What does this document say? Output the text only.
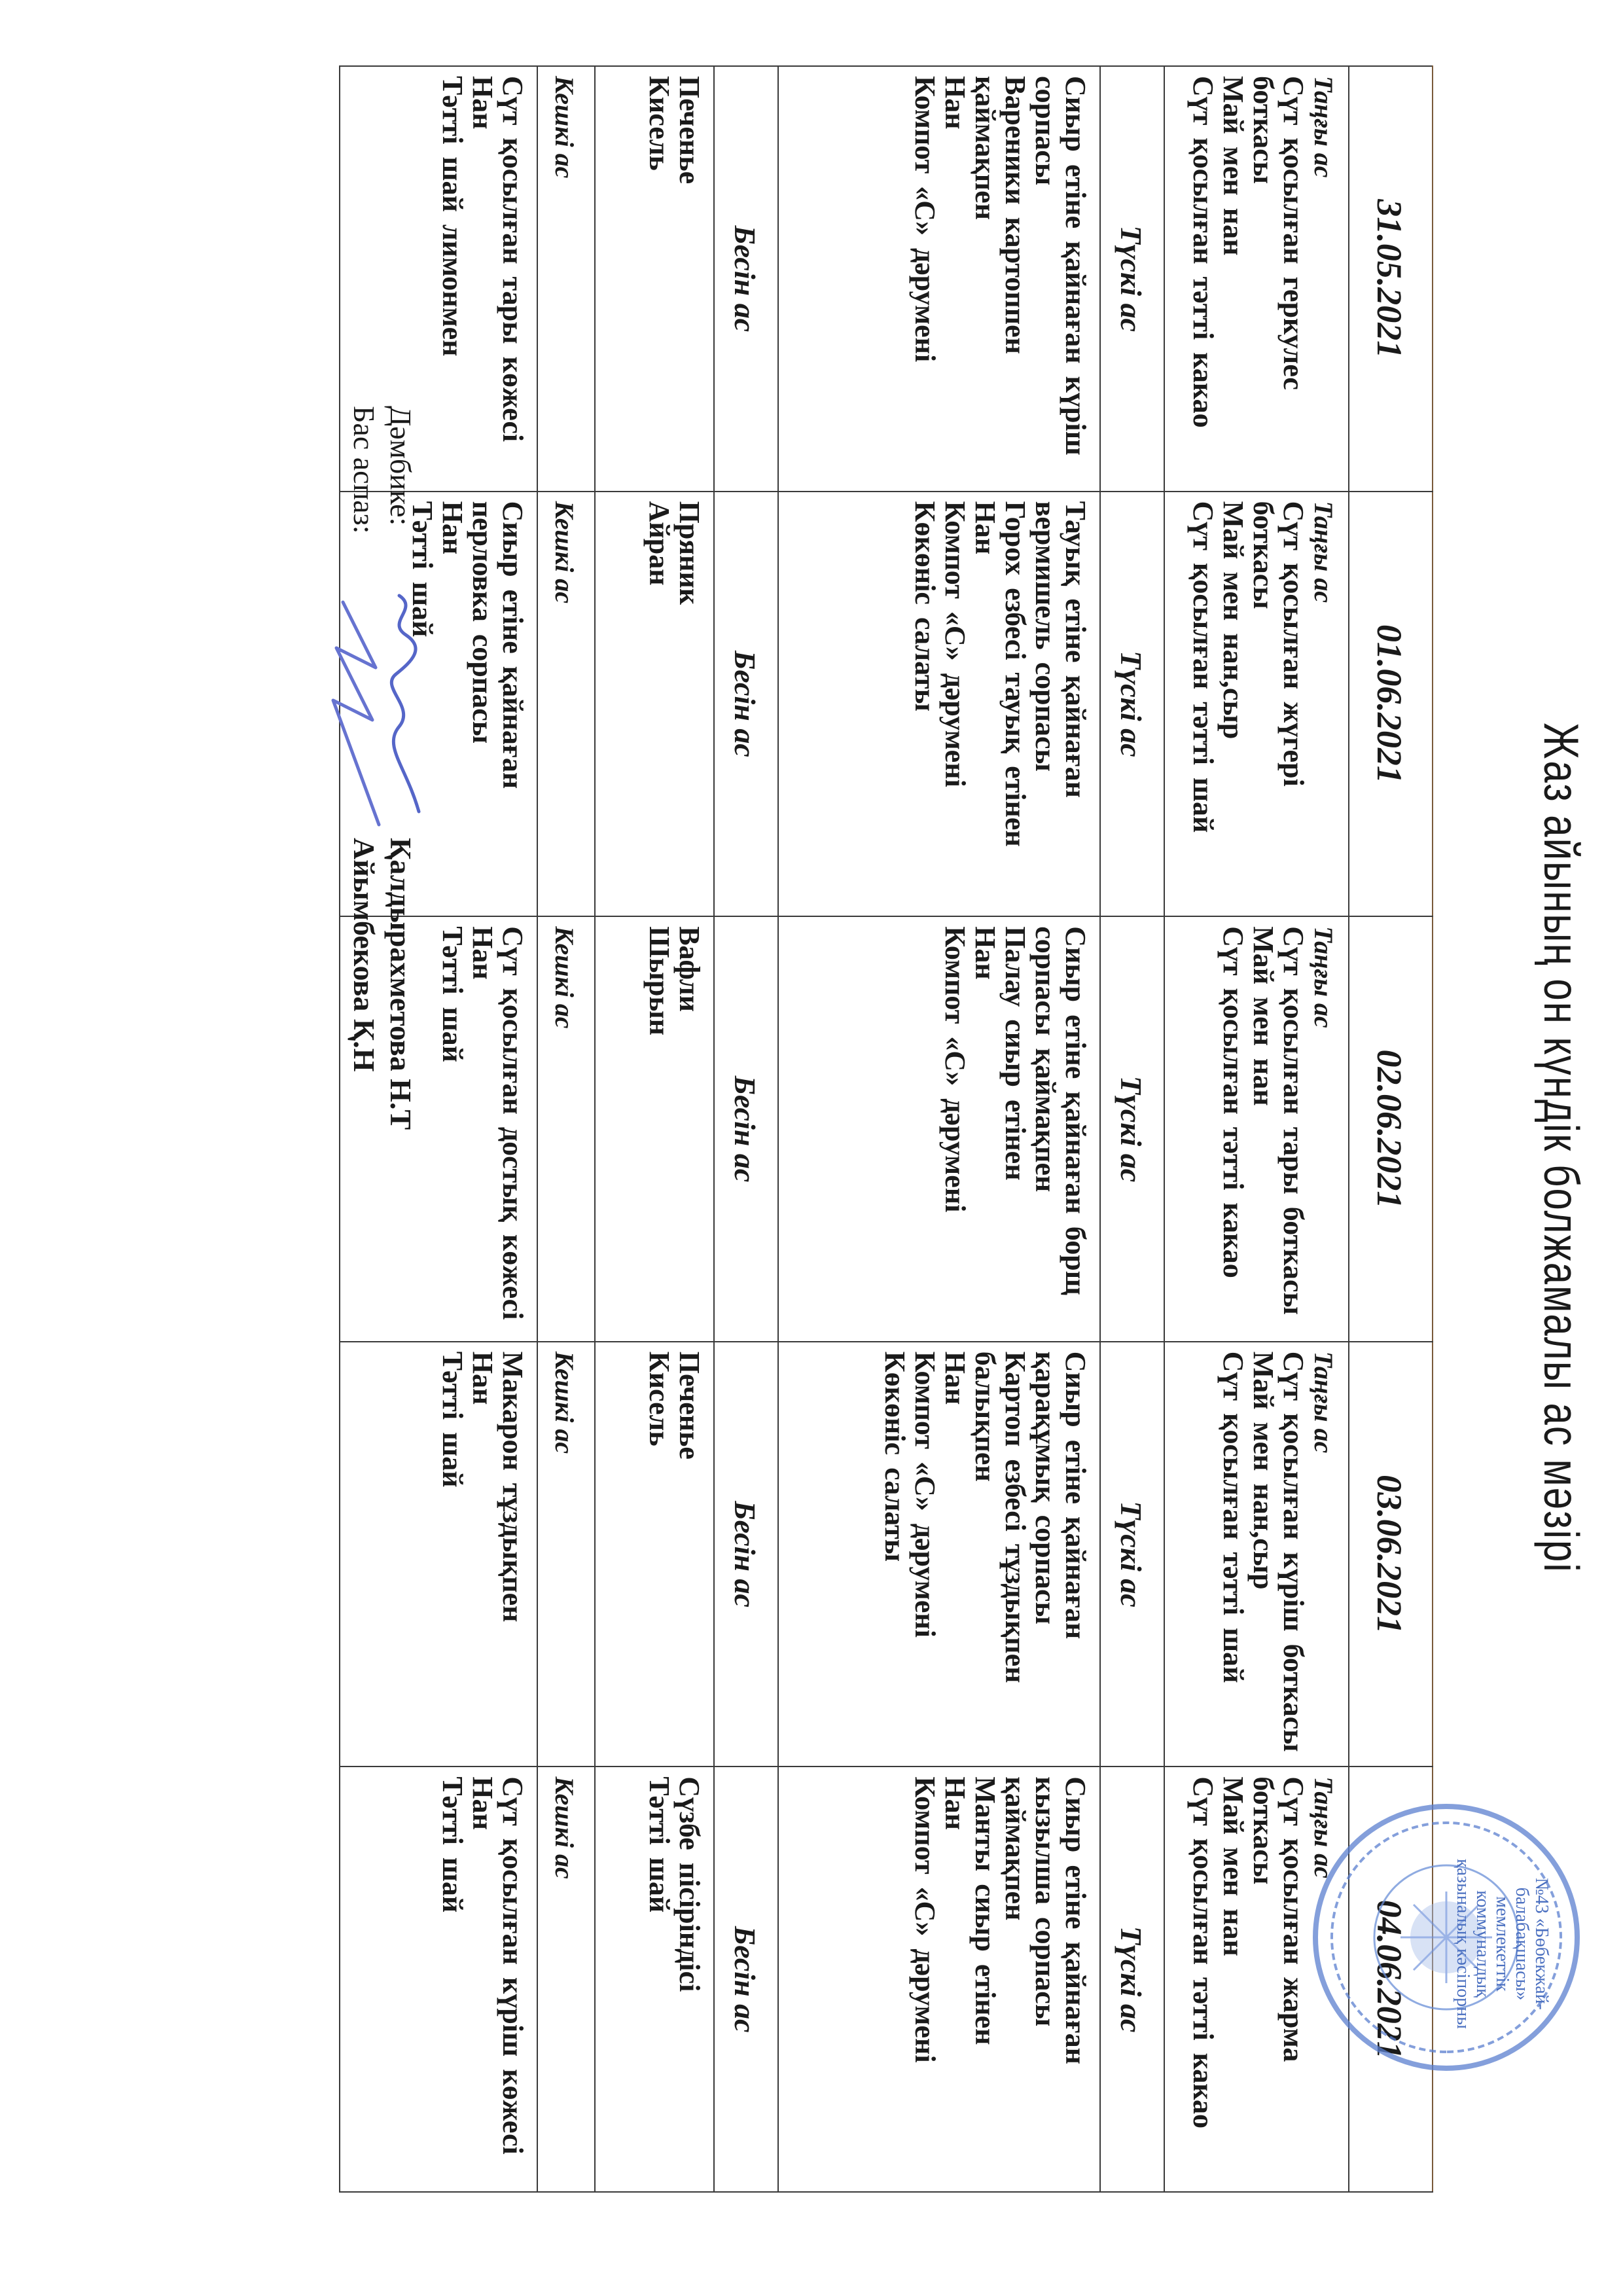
Жаз айының он күндік болжамалы ас мәзірі
31.05.2021	01.06.2021	02.06.2021	03.06.2021	04.06.2021
Таңғы ас
Сүт қосылған геркулес боткасы
Май мен нан
Сүт қосылған тәтті какао	Таңғы ас
Сүт қосылған жүгері боткасы
Май мен нан,сыр
Сүт қосылған тәтті шай	Таңғы ас
Сүт қосылған тары боткасы
Май мен нан
Сүт қосылған тәтті какао	Таңғы ас
Сүт қосылған күріш боткасы
Май мен нан,сыр
Сүт қосылған тәтті шай	Таңғы ас
Сүт қосылған жарма боткасы
Май мен нан
Сүт қосылған тәтті какао

Түскі ас	Түскі ас	Түскі ас	Түскі ас	Түскі ас

Сиыр етіне қайнаған күріш сорпасы
Вареники картоппен қаймақпен
Нан
Компот «С» дәрумені	Тауық етіне қайнаған вермишель сорпасы
Горох езбесі тауық етінен
Нан
Компот «С» дәрумені
Көкөніс салаты	Сиыр етіне қайнаған борщ сорпасы қаймақпен
Палау сиыр етінен
Нан
Компот «С» дәрумені	Сиыр етіне қайнаған қарақұмық сорпасы
Картоп езбесі тұздықпен балықпен
Нан
Компот «С» дәрумені
Көкөніс салаты	Сиыр етіне қайнаған кызылша сорпасы қаймақпен
Манты сиыр етінен
Нан
Компот «С» дәрумені

Бесін ас	Бесін ас	Бесін ас	Бесін ас	Бесін ас

Печенье
Кисель	Пряник
Айран	Вафли
Шырын	Печенье
Кисель	Сүзбе пісіріндісі
Тәтті шай

Кешкі ас	Кешкі ас	Кешкі ас	Кешкі ас	Кешкі ас

Сүт қосылған тары көжесі
Нан
Тәтті шай лимонмен	Сиыр етіне қайнаған перловка сорпасы
Нан
Тәтті шай	Сүт қосылған достық көжесі
Нан
Тәтті шай	Макарон тұздықпен
Нан
Тәтті шай	Сүт қосылған күріш көжесі
Нан
Тәтті шай
Дәмбике:
Қалдырахметова Н.Т
Бас аспаз:
Айымбекова Қ.Н
№43 «Бөбекжай-
балабақшасы»
мемлекеттік
коммуналдық
қазыналық кәсіпорны
